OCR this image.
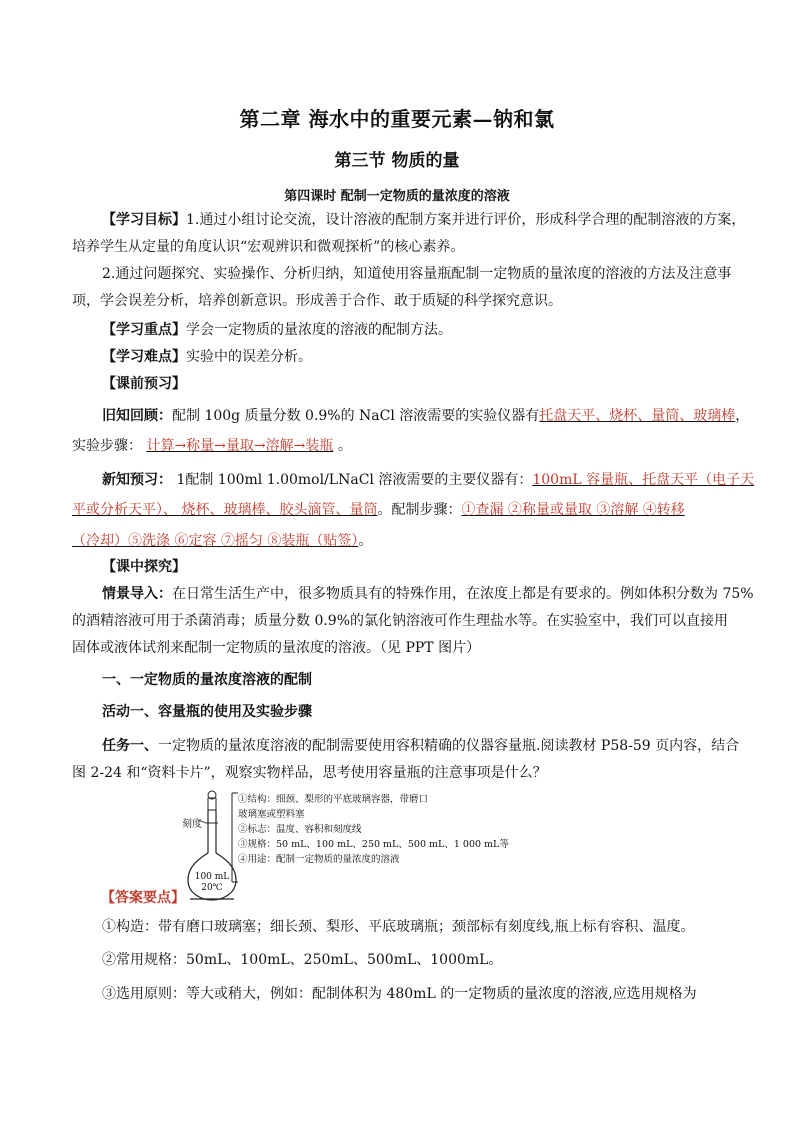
第二章 海水中的重要元素—钠和氯
第三节 物质的量
第四课时 配制一定物质的量浓度的溶液
【学习目标】1.通过小组讨论交流，设计溶液的配制方案并进行评价，形成科学合理的配制溶液的方案，
培养学生从定量的角度认识“宏观辨识和微观探析”的核心素养。
2.通过问题探究、实验操作、分析归纳，知道使用容量瓶配制一定物质的量浓度的溶液的方法及注意事
项，学会误差分析，培养创新意识。形成善于合作、敢于质疑的科学探究意识。
【学习重点】学会一定物质的量浓度的溶液的配制方法。
【学习难点】实验中的误差分析。
【课前预习】
旧知回顾：配制 100g 质量分数 0.9%的 NaCl 溶液需要的实验仪器有托盘天平、烧杯、量筒、玻璃棒，
实验步骤： 计算→称量→量取→溶解→装瓶 。
新知预习： 1配制 100ml 1.00mol/LNaCl 溶液需要的主要仪器有：100mL 容量瓶、托盘天平（电子天
平或分析天平）、 烧杯、玻璃棒、胶头滴管、量筒。配制步骤：①查漏 ②称量或量取 ③溶解 ④转移
（冷却）⑤洗涤 ⑥定容 ⑦摇匀 ⑧装瓶（贴签）。
【课中探究】
情景导入：在日常生活生产中，很多物质具有的特殊作用，在浓度上都是有要求的。例如体积分数为 75%
的酒精溶液可用于杀菌消毒；质量分数 0.9%的氯化钠溶液可作生理盐水等。在实验室中，我们可以直接用
固体或液体试剂来配制一定物质的量浓度的溶液。（见 PPT 图片）
一、一定物质的量浓度溶液的配制
活动一、容量瓶的使用及实验步骤
任务一、一定物质的量浓度溶液的配制需要使用容积精确的仪器容量瓶.阅读教材 P58-59 页内容，结合
图 2-24 和“资料卡片”，观察实物样品，思考使用容量瓶的注意事项是什么？
刻度
100 mL
20℃
①结构：细颈、梨形的平底玻璃容器，带磨口
玻璃塞或塑料塞
②标志：温度、容积和刻度线
③规格：50 mL、100 mL、250 mL、500 mL、1 000 mL等
④用途：配制一定物质的量浓度的溶液
【答案要点】
①构造：带有磨口玻璃塞；细长颈、梨形、平底玻璃瓶；颈部标有刻度线,瓶上标有容积、温度。
②常用规格：50mL、100mL、250mL、500mL、1000mL。
③选用原则：等大或稍大，例如：配制体积为 480mL 的一定物质的量浓度的溶液,应选用规格为
